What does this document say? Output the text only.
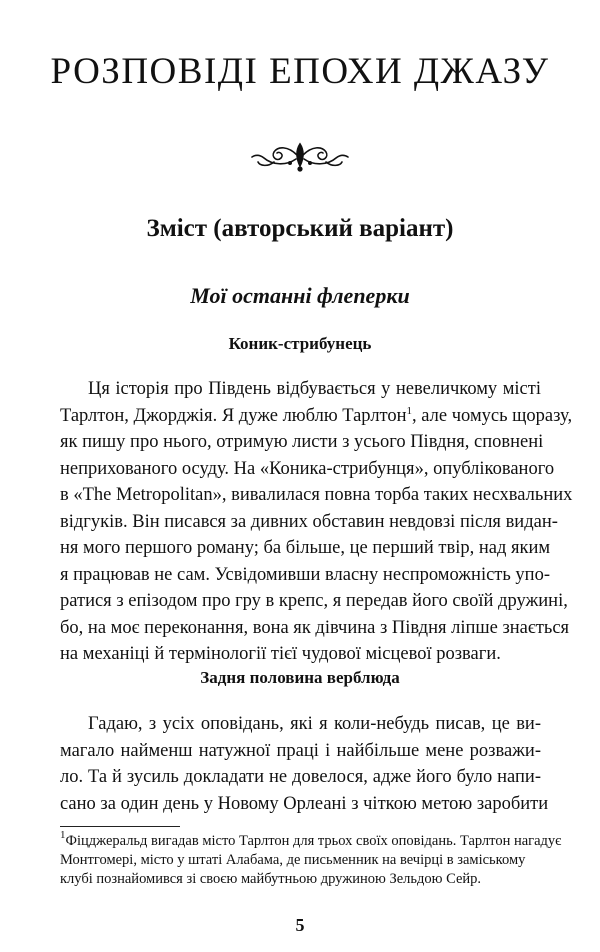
РОЗПОВІДІ ЕПОХИ ДЖАЗУ
Зміст (авторський варіант)
Мої останні флеперки
Коник-стрибунець
Ця історія про Південь відбувається у невеличкому місті
Тарлтон, Джорджія. Я дуже люблю Тарлтон$^1$, але чомусь щоразу,
як пишу про нього, отримую листи з усього Півдня, сповнені
неприхованого осуду. На «Коника-стрибунця», опублікованого
в «The Metropolitan», вивалилася повна торба таких несхвальних
відгуків. Він писався за дивних обставин невдовзі після видан-
ня мого першого роману; ба більше, це перший твір, над яким
я працював не сам. Усвідомивши власну неспроможність упо-
ратися з епізодом про гру в крепс, я передав його своїй дружині,
бо, на моє переконання, вона як дівчина з Півдня ліпше знається
на механіці й термінології тієї чудової місцевої розваги.
Задня половина верблюда
Гадаю, з усіх оповідань, які я коли-небудь писав, це ви-
магало найменш натужної праці і найбільше мене розважи-
ло. Та й зусиль докладати не довелося, адже його було напи-
сано за один день у Новому Орлеані з чіткою метою заробити
$^1$Фіцджеральд вигадав місто Тарлтон для трьох своїх оповідань. Тарлтон нагадує
Монтгомері, місто у штаті Алабама, де письменник на вечірці в заміському
клубі познайомився зі своєю майбутньою дружиною Зельдою Сейр.
5
